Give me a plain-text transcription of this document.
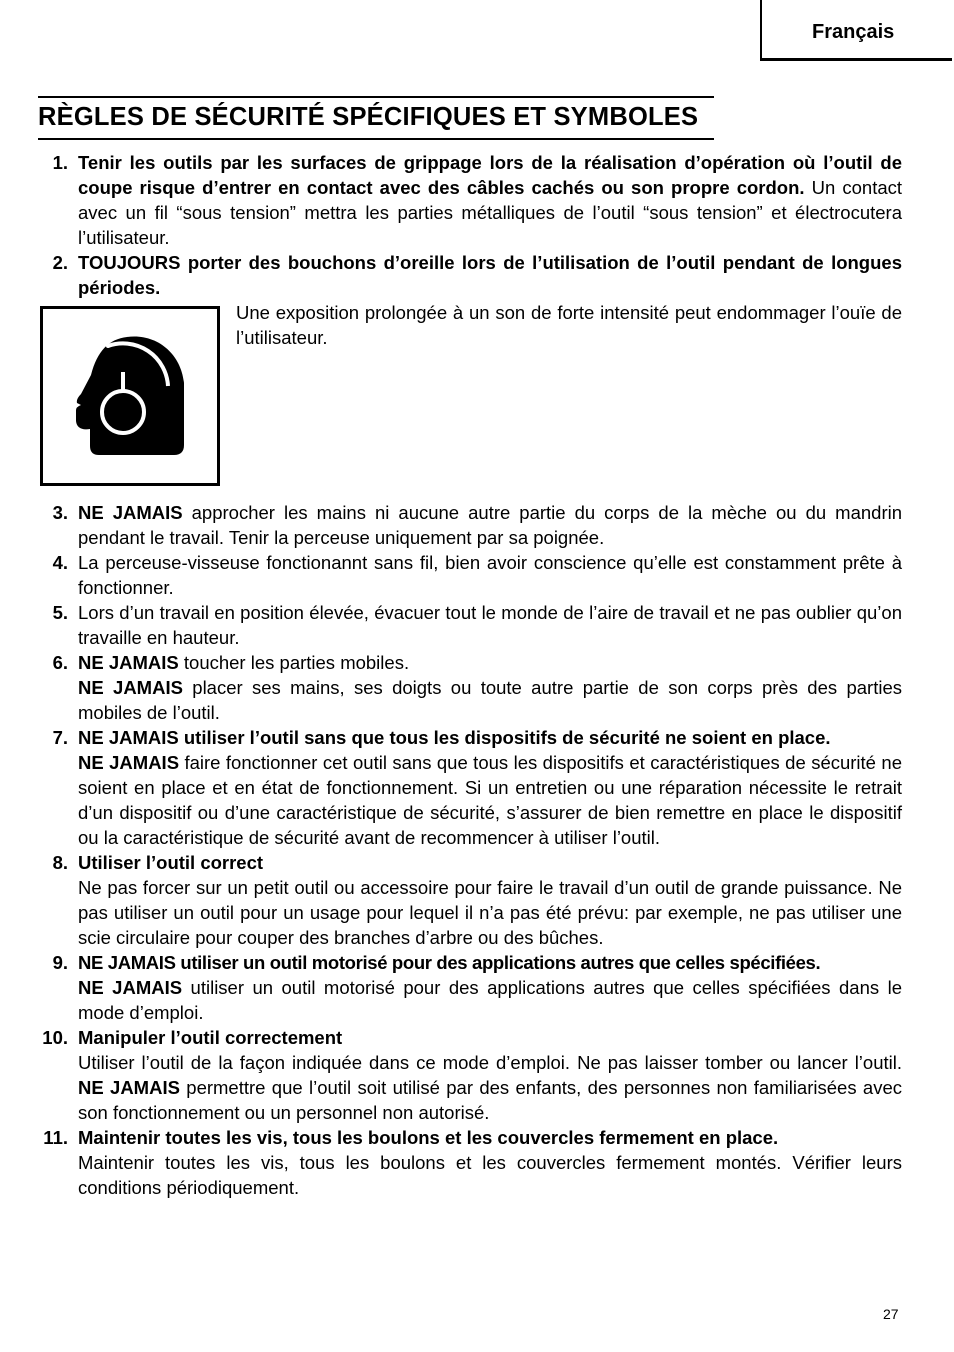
Français
RÈGLES DE SÉCURITÉ SPÉCIFIQUES ET SYMBOLES
1. Tenir les outils par les surfaces de grippage lors de la réalisation d’opération où l’outil de coupe risque d’entrer en contact avec des câbles cachés ou son propre cordon. Un contact avec un fil “sous tension” mettra les parties métalliques de l’outil “sous tension” et électrocutera l’utilisateur.

2. TOUJOURS porter des bouchons d’oreille lors de l’utilisation de l’outil pendant de longues périodes.

Une exposition prolongée à un son de forte intensité peut endommager l’ouïe de l’utilisateur.

3. NE JAMAIS approcher les mains ni aucune autre partie du corps de la mèche ou du mandrin pendant le travail. Tenir la perceuse uniquement par sa poignée.

4. La perceuse-visseuse fonctionannt sans fil, bien avoir conscience qu’elle est constamment prête à fonctionner.

5. Lors d’un travail en position élevée, évacuer tout le monde de l’aire de travail et ne pas oublier qu’on travaille en hauteur.

6. NE JAMAIS toucher les parties mobiles.

NE JAMAIS placer ses mains, ses doigts ou toute autre partie de son corps près des parties mobiles de l’outil.

7. NE JAMAIS utiliser l’outil sans que tous les dispositifs de sécurité ne soient en place.

NE JAMAIS faire fonctionner cet outil sans que tous les dispositifs et caractéristiques de sécurité ne soient en place et en état de fonctionnement. Si un entretien ou une réparation nécessite le retrait d’un dispositif ou d’une caractéristique de sécurité, s’assurer de bien remettre en place le dispositif ou la caractéristique de sécurité avant de recommencer à utiliser l’outil.

8. Utiliser l’outil correct

Ne pas forcer sur un petit outil ou accessoire pour faire le travail d’un outil de grande puissance. Ne pas utiliser un outil pour un usage pour lequel il n’a pas été prévu: par exemple, ne pas utiliser une scie circulaire pour couper des branches d’arbre ou des bûches.

9. NE JAMAIS utiliser un outil motorisé pour des applications autres que celles spécifiées.

NE JAMAIS utiliser un outil motorisé pour des applications autres que celles spécifiées dans le mode d’emploi.

10. Manipuler l’outil correctement

Utiliser l’outil de la façon indiquée dans ce mode d’emploi. Ne pas laisser tomber ou lancer l’outil. NE JAMAIS permettre que l’outil soit utilisé par des enfants, des personnes non familiarisées avec son fonctionnement ou un personnel non autorisé.

11. Maintenir toutes les vis, tous les boulons et les couvercles fermement en place.

Maintenir toutes les vis, tous les boulons et les couvercles fermement montés. Vérifier leurs conditions périodiquement.

27
